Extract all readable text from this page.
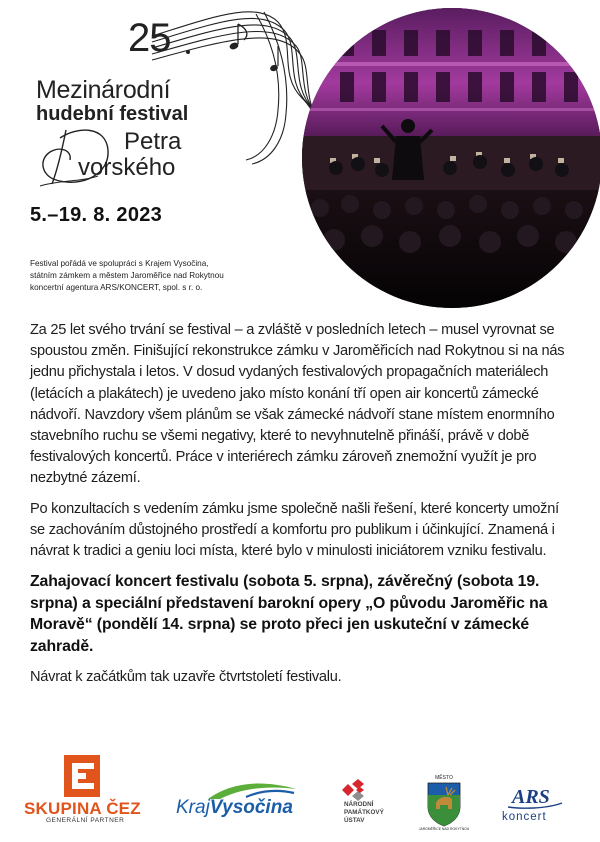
25
Mezinárodní
hudební festival
Petra
vorského
5.–19. 8. 2023
Festival pořádá ve spolupráci s Krajem Vysočina,
státním zámkem a městem Jaroměřice nad Rokytnou
koncertní agentura ARS/KONCERT, spol. s r. o.

Za 25 let svého trvání se festival – a zvláště v posledních letech – musel vyrovnat se spoustou změn. Finišující rekonstrukce zámku v Jaroměřicích nad Rokytnou si na nás jednu přichystala i letos. V dosud vydaných festivalových propagačních materiálech (letácích a plakátech) je uvedeno jako místo konání tří open air koncertů zámecké nádvoří. Navzdory všem plánům se však zámecké nádvoří stane místem enormního stavebního ruchu se všemi negativy, které to nevyhnutelně přináší, právě v době festivalových koncertů. Práce v interiérech zámku zároveň znemožní využít je pro nezbytné zázemí.

Po konzultacích s vedením zámku jsme společně našli řešení, které koncerty umožní se zachováním důstojného prostředí a komfortu pro publikum i účinkující. Znamená i návrat k tradici a geniu loci místa, které bylo v minulosti iniciátorem vzniku festivalu.

Zahajovací koncert festivalu (sobota 5. srpna), závěrečný (sobota 19. srpna) a speciální představení barokní opery „O původu Jaroměřic na Moravě“ (pondělí 14. srpna) se proto přeci jen uskuteční v zámecké zahradě.

Návrat k začátkům tak uzavře čtvrtstoletí festivalu.

SKUPINA ČEZ
GENERÁLNÍ PARTNER
KrajVysočina	NÁRODNÍ PAMÁTKOVÝ ÚSTAV
MĚSTO
JAROMĚŘICE NAD ROKYTNOU
ARS
koncert
